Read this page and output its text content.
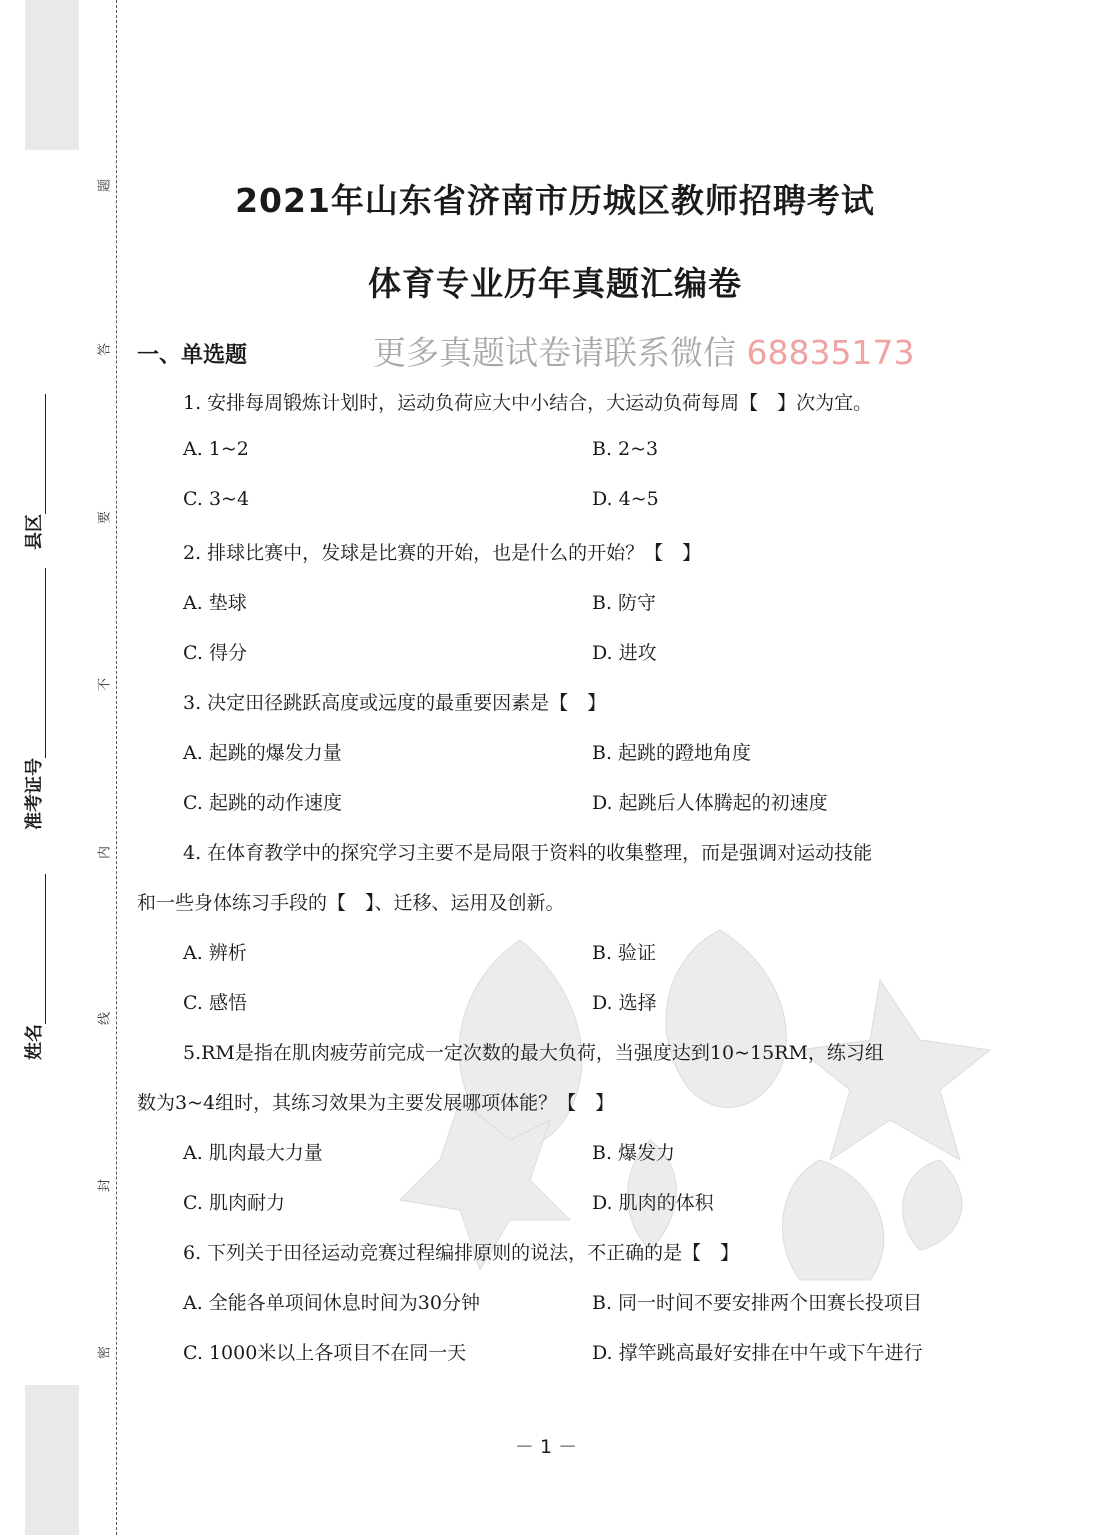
题
答
要
不
内
线
封
密
县区
准考证号
姓名
2021年山东省济南市历城区教师招聘考试
体育专业历年真题汇编卷
一、单选题	更多真题试卷请联系微信 68835173
1. 安排每周锻炼计划时，运动负荷应大中小结合，大运动负荷每周【　】次为宜。
A. 1~2	B. 2~3
C. 3~4	D. 4~5
2. 排球比赛中，发球是比赛的开始，也是什么的开始？【　】
A. 垫球	B. 防守
C. 得分	D. 进攻
3. 决定田径跳跃高度或远度的最重要因素是【　】
A. 起跳的爆发力量	B. 起跳的蹬地角度
C. 起跳的动作速度	D. 起跳后人体腾起的初速度
4. 在体育教学中的探究学习主要不是局限于资料的收集整理，而是强调对运动技能
和一些身体练习手段的【　】、迁移、运用及创新。
A. 辨析	B. 验证
C. 感悟	D. 选择
5.RM是指在肌肉疲劳前完成一定次数的最大负荷，当强度达到10~15RM，练习组
数为3~4组时，其练习效果为主要发展哪项体能？【　】
A. 肌肉最大力量	B. 爆发力
C. 肌肉耐力	D. 肌肉的体积
6. 下列关于田径运动竞赛过程编排原则的说法，不正确的是【　】
A. 全能各单项间休息时间为30分钟	B. 同一时间不要安排两个田赛长投项目
C. 1000米以上各项目不在同一天	D. 撑竿跳高最好安排在中午或下午进行
－ 1 －
